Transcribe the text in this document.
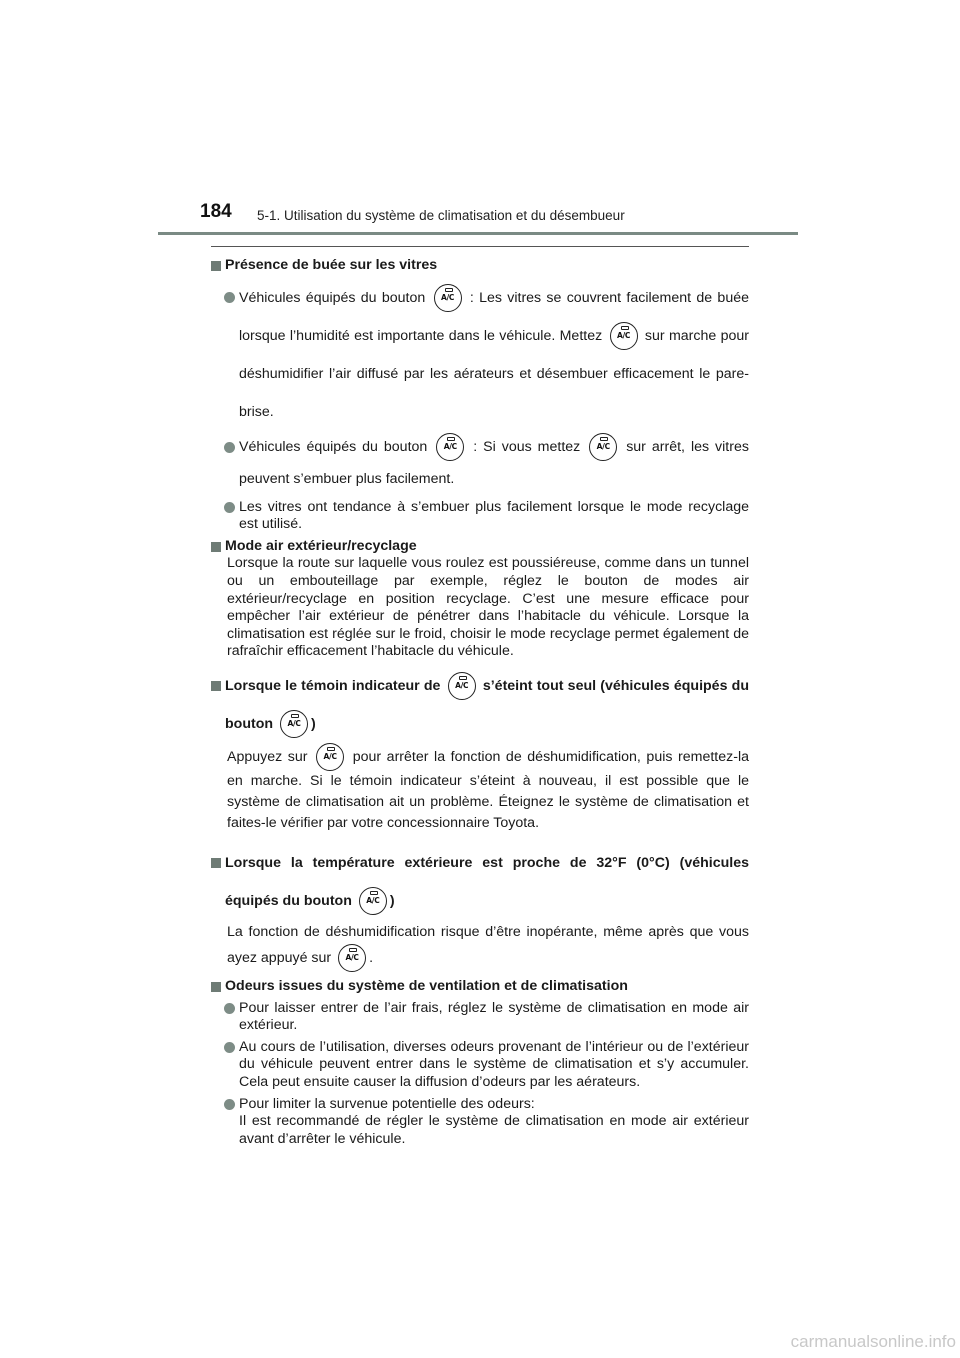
184 5-1. Utilisation du système de climatisation et du désembueur
Présence de buée sur les vitres
Véhicules équipés du bouton	A/C	: Les vitres se couvrent facilement de buée lorsque l’humidité est importante dans le véhicule. Mettez	A/C	sur marche pour déshumidifier l’air diffusé par les aérateurs et désembuer efficacement le pare-brise.
Véhicules équipés du bouton	A/C	: Si vous mettez	A/C	sur arrêt, les vitres peuvent s’embuer plus facilement.
Les vitres ont tendance à s’embuer plus facilement lorsque le mode recyclage est utilisé.
Mode air extérieur/recyclage
Lorsque la route sur laquelle vous roulez est poussiéreuse, comme dans un tunnel ou un embouteillage par exemple, réglez le bouton de modes air extérieur/recyclage en position recyclage. C’est une mesure efficace pour empêcher l’air extérieur de pénétrer dans l’habitacle du véhicule. Lorsque la climatisation est réglée sur le froid, choisir le mode recyclage permet également de rafraîchir efficacement l’habitacle du véhicule.
Lorsque le témoin indicateur de	A/C	s’éteint tout seul (véhicules équipés du bouton	A/C )
Appuyez sur	A/C	pour arrêter la fonction de déshumidification, puis remettez-la en marche. Si le témoin indicateur s’éteint à nouveau, il est possible que le système de climatisation ait un problème. Éteignez le système de climatisation et faites-le vérifier par votre concessionnaire Toyota.
Lorsque la température extérieure est proche de 32°F (0°C) (véhicules équipés du bouton	A/C )
La fonction de déshumidification risque d’être inopérante, même après que vous ayez appuyé sur	A/C .
Odeurs issues du système de ventilation et de climatisation
Pour laisser entrer de l’air frais, réglez le système de climatisation en mode air extérieur.
Au cours de l’utilisation, diverses odeurs provenant de l’intérieur ou de l’extérieur du véhicule peuvent entrer dans le système de climatisation et s’y accumuler. Cela peut ensuite causer la diffusion d’odeurs par les aérateurs.
Pour limiter la survenue potentielle des odeurs:
Il est recommandé de régler le système de climatisation en mode air extérieur avant d’arrêter le véhicule.
carmanualsonline.info
